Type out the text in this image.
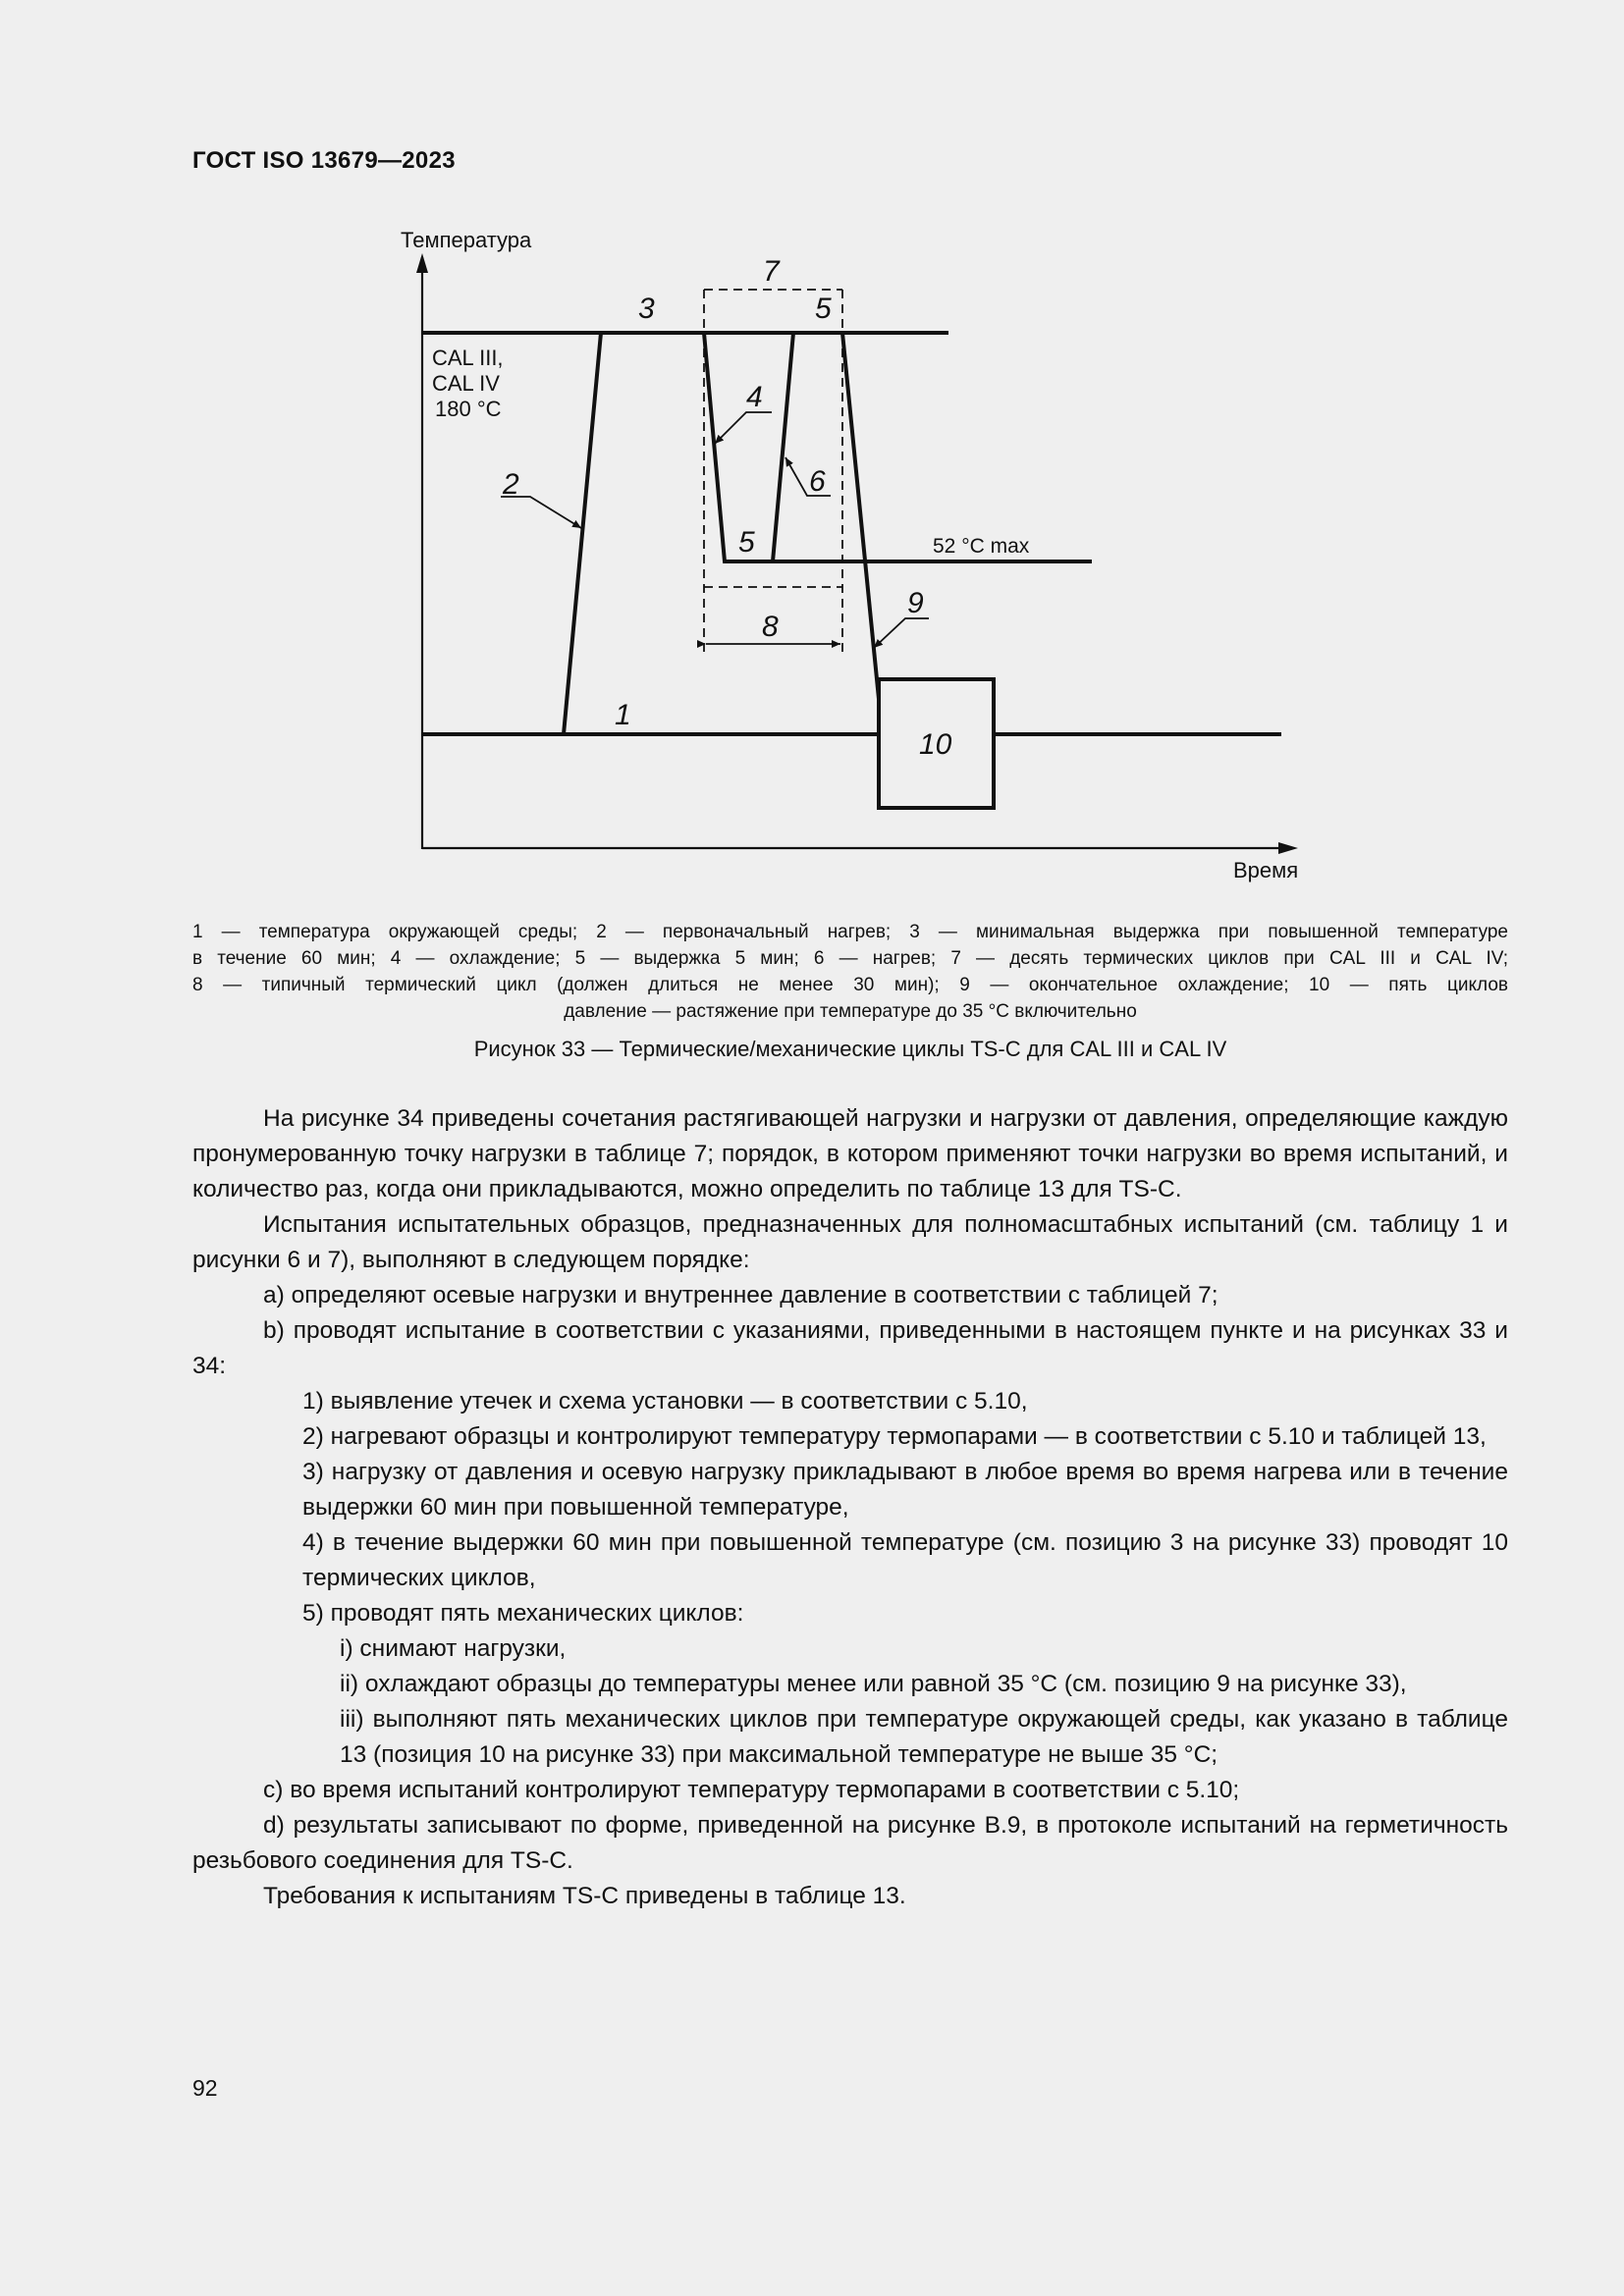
ГОСТ ISO 13679—2023
Температура
Время
CAL III,
CAL IV
180 °C
52 °C max
1
2
3
4
5
5
6
7
8
9
10
1 — температура окружающей среды; 2 — первоначальный нагрев; 3 — минимальная выдержка при повышенной температуре
в течение 60 мин; 4 — охлаждение; 5 — выдержка 5 мин; 6 — нагрев; 7 — десять термических циклов при CAL III и CAL IV;
8 — типичный термический цикл (должен длиться не менее 30 мин); 9 — окончательное охлаждение; 10 — пять циклов
давление — растяжение при температуре до 35 °C включительно
Рисунок 33 — Термические/механические циклы TS-C для CAL III и CAL IV

На рисунке 34 приведены сочетания растягивающей нагрузки и нагрузки от давления, определяющие каждую пронумерованную точку нагрузки в таблице 7; порядок, в котором применяют точки нагрузки во время испытаний, и количество раз, когда они прикладываются, можно определить по таблице 13 для TS-C.

Испытания испытательных образцов, предназначенных для полномасштабных испытаний (см. таблицу 1 и рисунки 6 и 7), выполняют в следующем порядке:

a) определяют осевые нагрузки и внутреннее давление в соответствии с таблицей 7;

b) проводят испытание в соответствии с указаниями, приведенными в настоящем пункте и на рисунках 33 и 34:

1) выявление утечек и схема установки — в соответствии с 5.10,

2) нагревают образцы и контролируют температуру термопарами — в соответствии с 5.10 и таблицей 13,

3) нагрузку от давления и осевую нагрузку прикладывают в любое время во время нагрева или в течение выдержки 60 мин при повышенной температуре,

4) в течение выдержки 60 мин при повышенной температуре (см. позицию 3 на рисунке 33) проводят 10 термических циклов,

5) проводят пять механических циклов:

i) снимают нагрузки,

ii) охлаждают образцы до температуры менее или равной 35 °C (см. позицию 9 на рисунке 33),

iii) выполняют пять механических циклов при температуре окружающей среды, как указано в таблице 13 (позиция 10 на рисунке 33) при максимальной температуре не выше 35 °C;

c) во время испытаний контролируют температуру термопарами в соответствии с 5.10;

d) результаты записывают по форме, приведенной на рисунке В.9, в протоколе испытаний на герметичность резьбового соединения для TS-C.

Требования к испытаниям TS-C приведены в таблице 13.

92
